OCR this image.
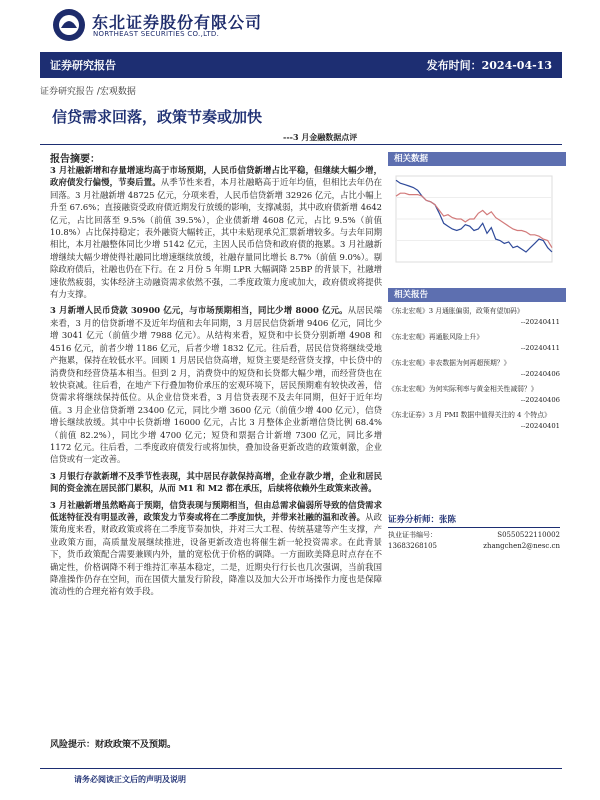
东北证券股份有限公司
NORTHEAST SECURITIES CO.,LTD.
证券研究报告	发布时间：2024-04-13
证券研究报告 /宏观数据
信贷需求回落，政策节奏或加快
---3 月金融数据点评
报告摘要：

3 月社融新增和存量增速均高于市场预期，人民币信贷新增占比平稳，但继续大幅少增，政府债发行偏慢，节奏后置。从季节性来看，本月社融略高于近年均值，但相比去年仍在回落。3 月社融新增 48725 亿元，分项来看，人民币信贷新增 32926 亿元，占比小幅上升至 67.6%；直接融资受政府债近期发行放缓的影响，支撑减弱，其中政府债新增 4642 亿元，占比回落至 9.5%（前值 39.5%），企业债新增 4608 亿元，占比 9.5%（前值 10.8%）占比保持稳定；表外融资大幅转正，其中未贴现承兑汇票新增较多。与去年同期相比，本月社融整体同比少增 5142 亿元，主因人民币信贷和政府债的拖累。3 月社融新增继续大幅少增使得社融同比增速继续放缓，社融存量同比增长 8.7%（前值 9.0%）。剔除政府债后，社融也仍在下行。在 2 月份 5 年期 LPR 大幅调降 25BP 的背景下，社融增速依然疲弱，实体经济主动融资需求依然不强，二季度政策力度或加大，政府债或将提供有力支撑。

3 月新增人民币贷款 30900 亿元，与市场预期相当，同比少增 8000 亿元。从居民端来看，3 月的信贷新增不及近年均值和去年同期，3 月居民信贷新增 9406 亿元，同比少增 3041 亿元（前值少增 7988 亿元）。从结构来看，短贷和中长贷分别新增 4908 和 4516 亿元，前者少增 1186 亿元，后者少增 1832 亿元。往后看，居民信贷将继续受地产拖累，保持在较低水平。回顾 1 月居民信贷高增，短贷主要是经营贷支撑，中长贷中的消费贷和经营贷基本相当。但到 2 月，消费贷中的短贷和长贷都大幅少增，而经营贷也在较快衰减。往后看，在地产下行叠加物价承压的宏观环境下，居民预期难有较快改善，信贷需求将继续保持低位。从企业信贷来看，3 月信贷表现不及去年同期，但好于近年均值。3 月企业信贷新增 23400 亿元，同比少增 3600 亿元（前值少增 400 亿元），信贷增长继续放缓。其中中长贷新增 16000 亿元，占比 3 月整体企业新增信贷比例 68.4%（前值 82.2%），同比少增 4700 亿元；短贷和票据合计新增 7300 亿元，同比多增 1172 亿元。往后看，二季度政府债发行或将加快，叠加设备更新改造的政策刺激，企业信贷或有一定改善。

3 月银行存款新增不及季节性表现，其中居民存款保持高增，企业存款少增，企业和居民间的资金流在居民部门累积，从而 M1 和 M2 都在承压，后续将依赖外生政策来改善。

3 月社融新增虽然略高于预期，信贷表现与预期相当，但由总需求偏弱所导致的信贷需求低迷特征没有明显改善，政策发力节奏或将在二季度加快，并带来社融的温和改善。从政策角度来看，财政政策或将在二季度节奏加快，并对三大工程、传统基建等产生支撑，产业政策方面，高质量发展继续推进，设备更新改造也将催生新一轮投资需求。在此背景下，货币政策配合需要兼顾内外，量的宽松优于价格的调降。一方面欧美降息时点存在不确定性，价格调降不利于维持汇率基本稳定，二是，近期央行行长也几次强调，当前我国降准操作仍存在空间，而在国债大量发行阶段，降准以及加大公开市场操作力度也是保障流动性的合理充裕有效手段。

风险提示：财政政策不及预期。
请务必阅读正文后的声明及说明
相关数据
相关报告
《东北宏观》3 月通胀偏弱，政策有望加码》
--20240411
《东北宏观》再通胀风险上升》
--20240411
《东北宏观》非农数据为何再超预期？》
--20240406
《东北宏观》为何实际利率与黄金相关性减弱？》
--20240406
《东北证券》3 月 PMI 数据中值得关注的 4 个特点》
--20240401
证券分析师：张陈
执业证书编号：	S0550522110002
13683268105	zhangchen2@nesc.cn
